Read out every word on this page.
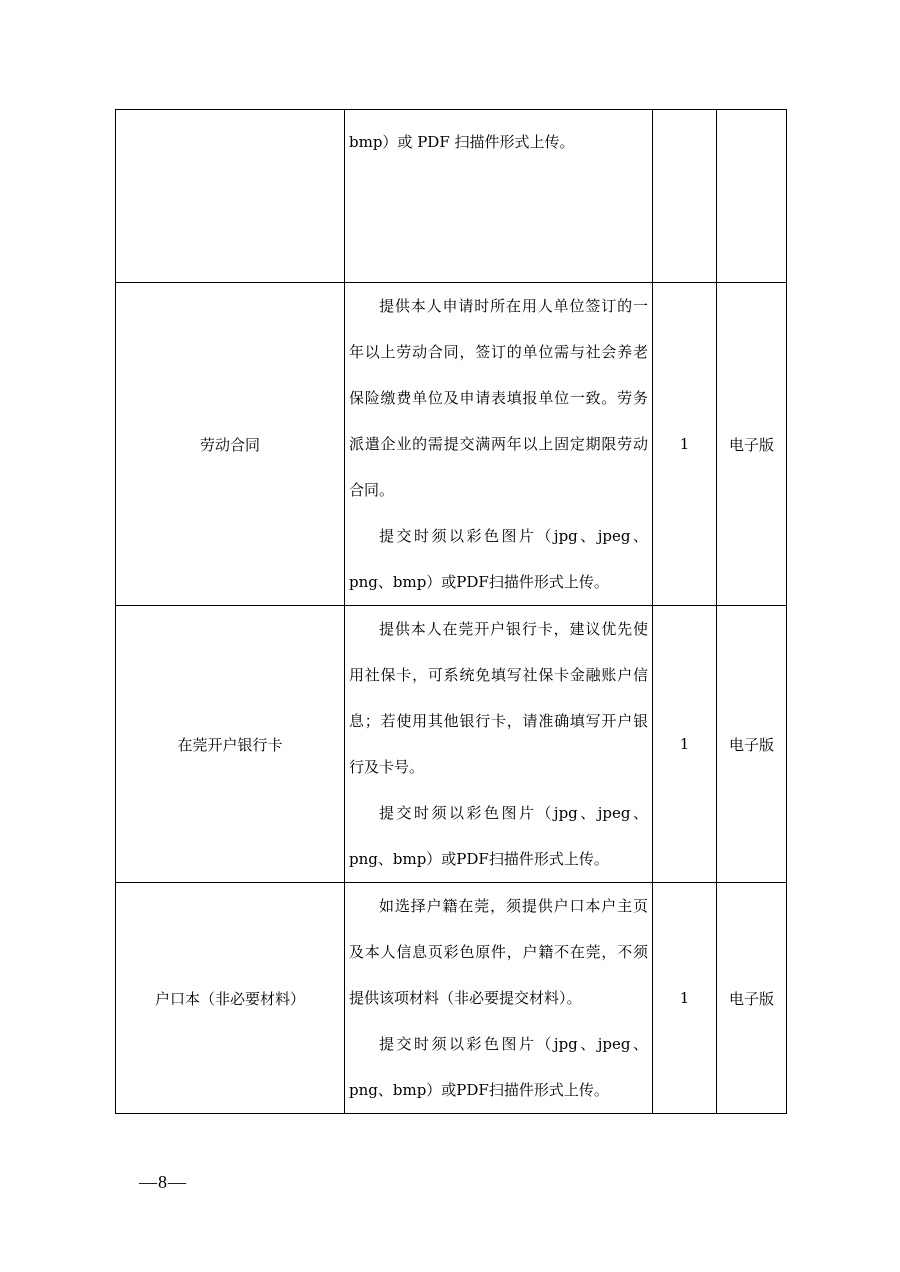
	bmp）或 PDF 扫描件形式上传。		

劳动合同	提供本人申请时所在用人单位签订的一年以上劳动合同，签订的单位需与社会养老保险缴费单位及申请表填报单位一致。劳务派遣企业的需提交满两年以上固定期限劳动合同。
提交时须以彩色图片（jpg、jpeg、png、bmp）或PDF扫描件形式上传。	1	电子版
在莞开户银行卡	提供本人在莞开户银行卡，建议优先使用社保卡，可系统免填写社保卡金融账户信息；若使用其他银行卡，请准确填写开户银行及卡号。
提交时须以彩色图片（jpg、jpeg、png、bmp）或PDF扫描件形式上传。	1	电子版
户口本（非必要材料）	如选择户籍在莞，须提供户口本户主页及本人信息页彩色原件，户籍不在莞，不须提供该项材料（非必要提交材料）。
提交时须以彩色图片（jpg、jpeg、png、bmp）或PDF扫描件形式上传。	1	电子版
—8—
